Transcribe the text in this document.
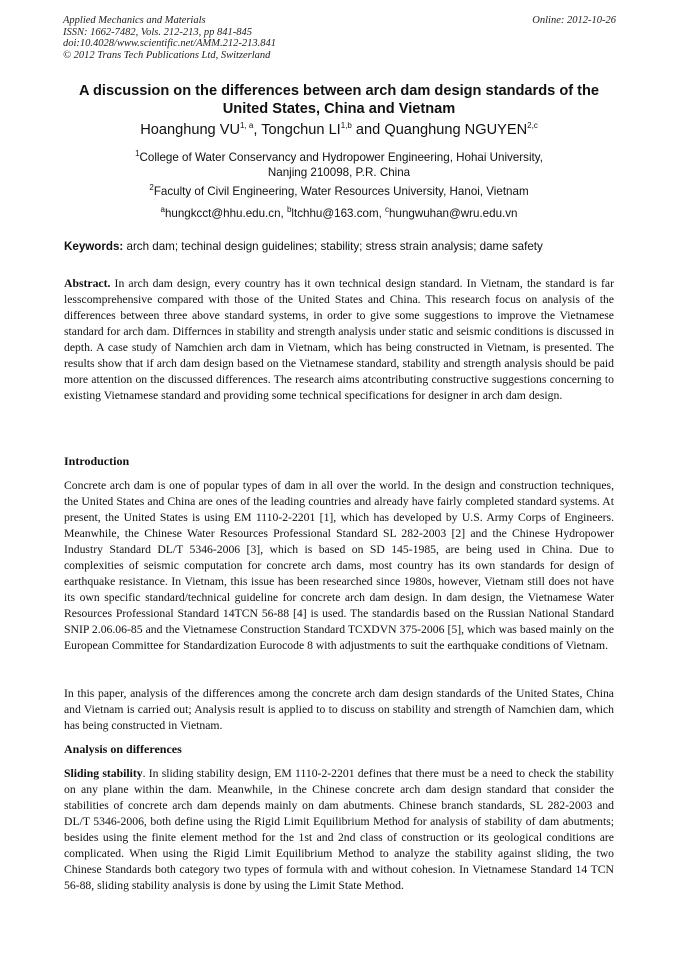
Applied Mechanics and Materials
ISSN: 1662-7482, Vols. 212-213, pp 841-845
doi:10.4028/www.scientific.net/AMM.212-213.841
© 2012 Trans Tech Publications Ltd, Switzerland
Online: 2012-10-26
A discussion on the differences between arch dam design standards of the United States, China and Vietnam
Hoanghung VU$^{1, a}$, Tongchun LI$^{1,b}$ and Quanghung NGUYEN$^{2,c}$
$^1$College of Water Conservancy and Hydropower Engineering, Hohai University,
Nanjing 210098, P.R. China
$^2$Faculty of Civil Engineering, Water Resources University, Hanoi, Vietnam
$^a$hungkcct@hhu.edu.cn, $^b$ltchhu@163.com, $^c$hungwuhan@wru.edu.vn
Keywords: arch dam; techinal design guidelines; stability; stress strain analysis; dame safety
Abstract. In arch dam design, every country has it own technical design standard. In Vietnam, the standard is far lesscomprehensive compared with those of the United States and China. This research focus on analysis of the differences between three above standard systems, in order to give some suggestions to improve the Vietnamese standard for arch dam. Differnces in stability and strength analysis under static and seismic conditions is discussed in depth. A case study of Namchien arch dam in Vietnam, which has being constructed in Vietnam, is presented. The results show that if arch dam design based on the Vietnamese standard, stability and strength analysis should be paid more attention on the discussed differences. The research aims atcontributing constructive suggestions concerning to existing Vietnamese standard and providing some technical specifications for designer in arch dam design.
Introduction
Concrete arch dam is one of popular types of dam in all over the world. In the design and construction techniques, the United States and China are ones of the leading countries and already have fairly completed standard systems. At present, the United States is using EM 1110-2-2201 [1], which has developed by U.S. Army Corps of Engineers. Meanwhile, the Chinese Water Resources Professional Standard SL 282-2003 [2] and the Chinese Hydropower Industry Standard DL/T 5346-2006 [3], which is based on SD 145-1985, are being used in China. Due to complexities of seismic computation for concrete arch dams, most country has its own standards for design of earthquake resistance. In Vietnam, this issue has been researched since 1980s, however, Vietnam still does not have its own specific standard/technical guideline for concrete arch dam design. In dam design, the Vietnamese Water Resources Professional Standard 14TCN 56-88 [4] is used. The standardis based on the Russian National Standard SNIP 2.06.06-85 and the Vietnamese Construction Standard TCXDVN 375-2006 [5], which was based mainly on the European Committee for Standardization Eurocode 8 with adjustments to suit the earthquake conditions of Vietnam.
In this paper, analysis of the differences among the concrete arch dam design standards of the United States, China and Vietnam is carried out; Analysis result is applied to to discuss on stability and strength of Namchien dam, which has being constructed in Vietnam.
Analysis on differences
Sliding stability. In sliding stability design, EM 1110-2-2201 defines that there must be a need to check the stability on any plane within the dam. Meanwhile, in the Chinese concrete arch dam design standard that consider the stabilities of concrete arch dam depends mainly on dam abutments. Chinese branch standards, SL 282-2003 and DL/T 5346-2006, both define using the Rigid Limit Equilibrium Method for analysis of stability of dam abutments; besides using the finite element method for the 1st and 2nd class of construction or its geological conditions are complicated. When using the Rigid Limit Equilibrium Method to analyze the stability against sliding, the two Chinese Standards both category two types of formula with and without cohesion. In Vietnamese Standard 14 TCN 56-88, sliding stability analysis is done by using the Limit State Method.
